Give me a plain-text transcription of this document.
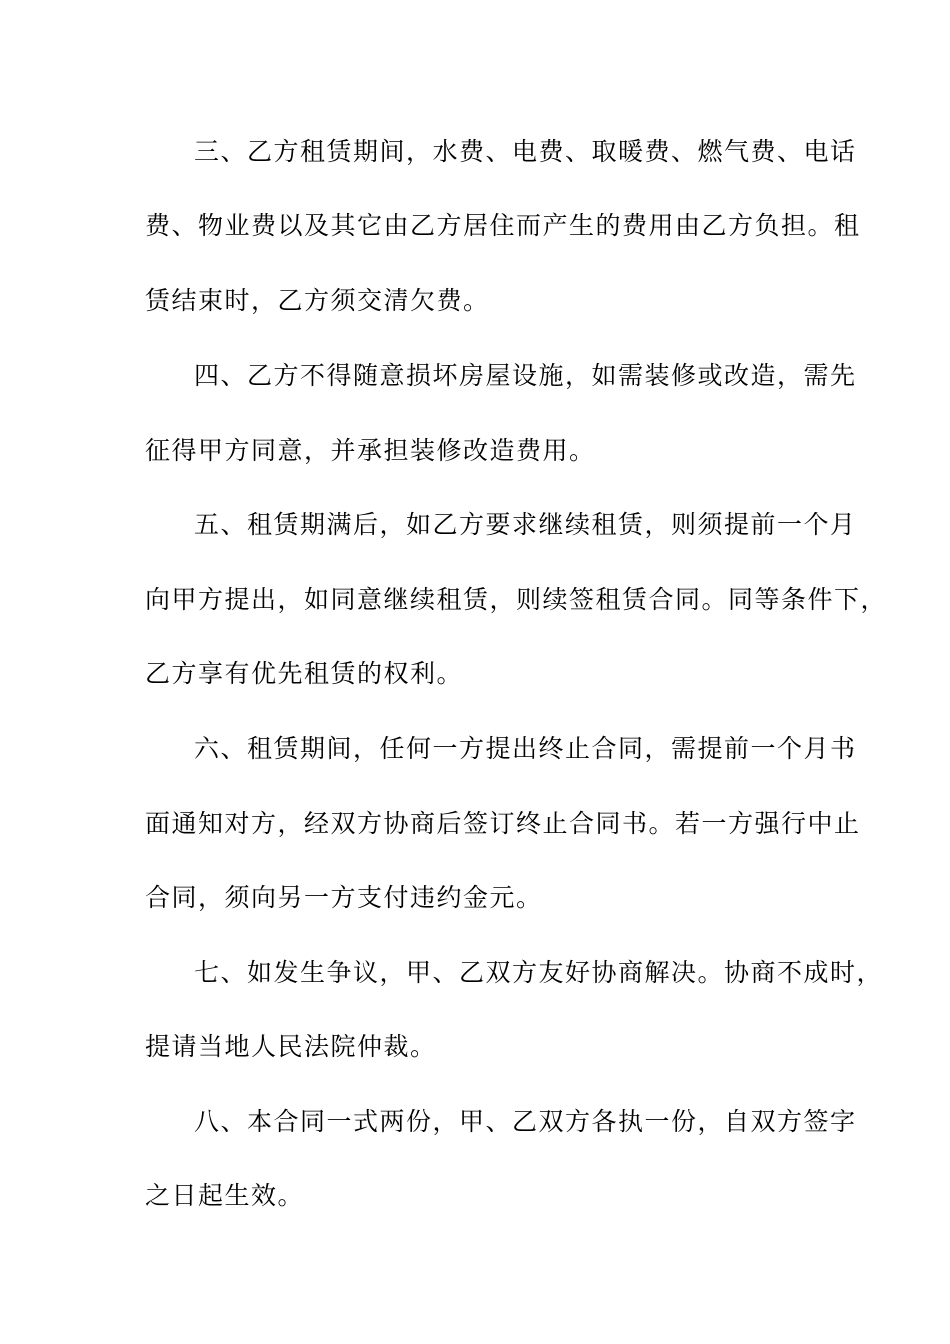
三、乙方租赁期间，水费、电费、取暖费、燃气费、电话
费、物业费以及其它由乙方居住而产生的费用由乙方负担。租
赁结束时，乙方须交清欠费。
四、乙方不得随意损坏房屋设施，如需装修或改造，需先
征得甲方同意，并承担装修改造费用。
五、租赁期满后，如乙方要求继续租赁，则须提前一个月
向甲方提出，如同意继续租赁，则续签租赁合同。同等条件下，
乙方享有优先租赁的权利。
六、租赁期间，任何一方提出终止合同，需提前一个月书
面通知对方，经双方协商后签订终止合同书。若一方强行中止
合同，须向另一方支付违约金元。
七、如发生争议，甲、乙双方友好协商解决。协商不成时，
提请当地人民法院仲裁。
八、本合同一式两份，甲、乙双方各执一份，自双方签字
之日起生效。
